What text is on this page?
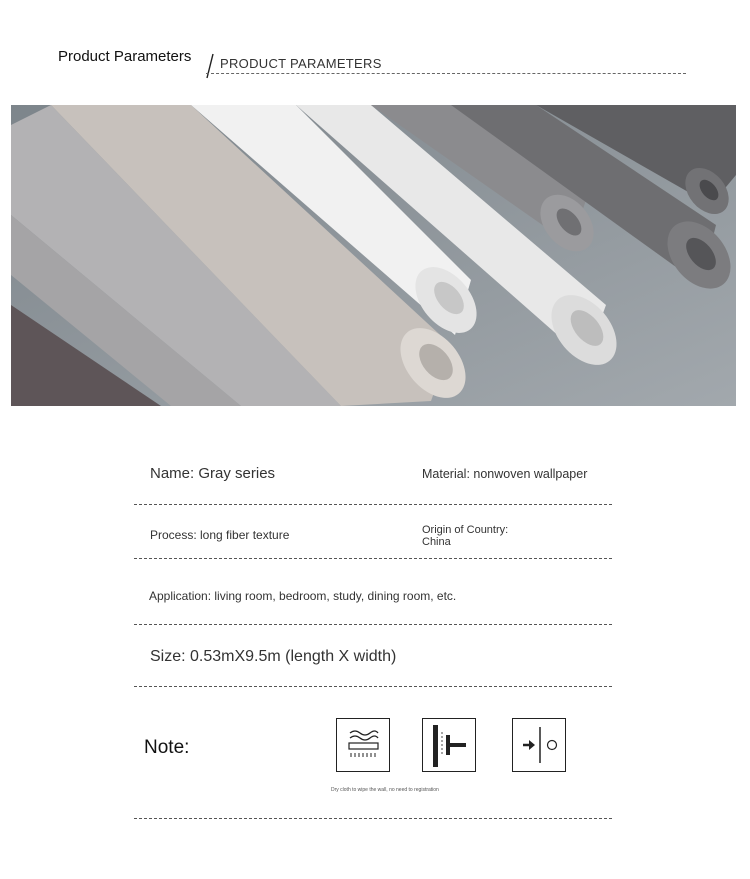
Product Parameters PRODUCT PARAMETERS
Name: Gray series	Material: nonwoven wallpaper
Process: long fiber texture	Origin of Country:
China
Application: living room, bedroom, study, dining room, etc.
Size: 0.53mX9.5m (length X width)
Note:
Dry cloth to wipe the wall, no need to registration
